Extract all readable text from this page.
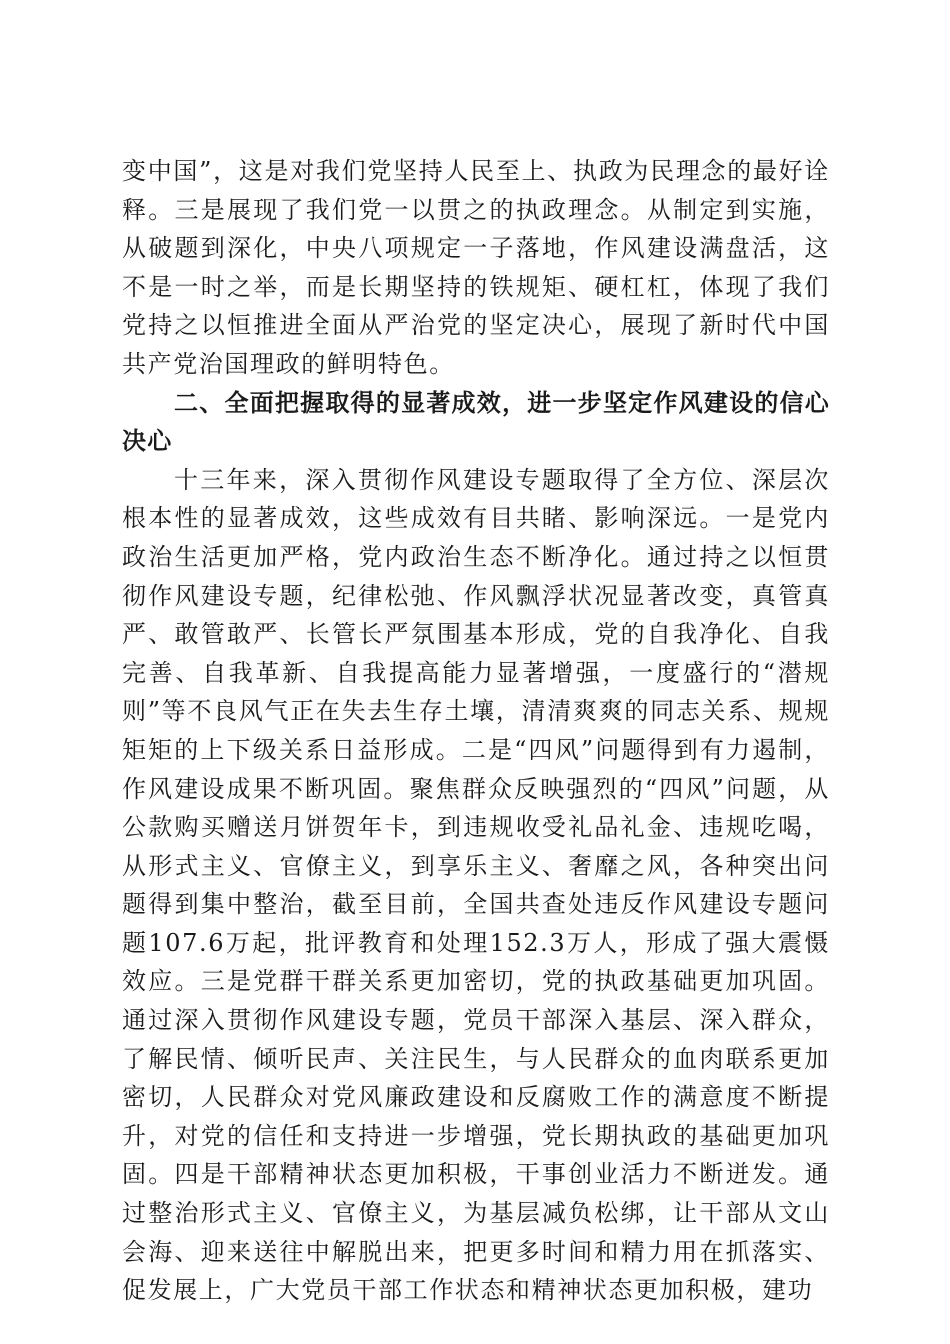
变中国”，这是对我们党坚持人民至上、执政为民理念的最好诠释。三是展现了我们党一以贯之的执政理念。从制定到实施，从破题到深化，中央八项规定一子落地，作风建设满盘活，这不是一时之举，而是长期坚持的铁规矩、硬杠杠，体现了我们党持之以恒推进全面从严治党的坚定决心，展现了新时代中国共产党治国理政的鲜明特色。

二、全面把握取得的显著成效，进一步坚定作风建设的信心决心

十三年来，深入贯彻作风建设专题取得了全方位、深层次根本性的显著成效，这些成效有目共睹、影响深远。一是党内政治生活更加严格，党内政治生态不断净化。通过持之以恒贯彻作风建设专题，纪律松弛、作风飘浮状况显著改变，真管真严、敢管敢严、长管长严氛围基本形成，党的自我净化、自我完善、自我革新、自我提高能力显著增强，一度盛行的“潜规则”等不良风气正在失去生存土壤，清清爽爽的同志关系、规规矩矩的上下级关系日益形成。二是“四风”问题得到有力遏制，作风建设成果不断巩固。聚焦群众反映强烈的“四风”问题，从公款购买赠送月饼贺年卡，到违规收受礼品礼金、违规吃喝，从形式主义、官僚主义，到享乐主义、奢靡之风，各种突出问题得到集中整治，截至目前，全国共查处违反作风建设专题问题107.6万起，批评教育和处理152.3万人，形成了强大震慑效应。三是党群干群关系更加密切，党的执政基础更加巩固。通过深入贯彻作风建设专题，党员干部深入基层、深入群众，了解民情、倾听民声、关注民生，与人民群众的血肉联系更加密切，人民群众对党风廉政建设和反腐败工作的满意度不断提升，对党的信任和支持进一步增强，党长期执政的基础更加巩固。四是干部精神状态更加积极，干事创业活力不断迸发。通过整治形式主义、官僚主义，为基层减负松绑，让干部从文山会海、迎来送往中解脱出来，把更多时间和精力用在抓落实、促发展上，广大党员干部工作状态和精神状态更加积极，建功
